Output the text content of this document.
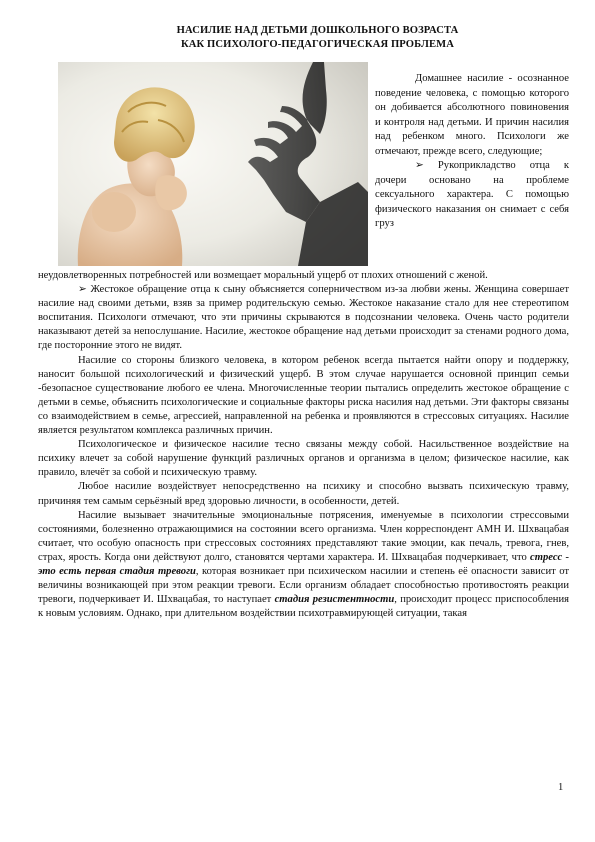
НАСИЛИЕ НАД ДЕТЬМИ ДОШКОЛЬНОГО ВОЗРАСТА
КАК ПСИХОЛОГО-ПЕДАГОГИЧЕСКАЯ ПРОБЛЕМА

Домашнее насилие - осознанное поведение человека, с помощью которого он добивается абсолютного повиновения и контроля над детьми. И причин насилия над ребенком много. Психологи же отмечают, прежде всего, следующие;

➢ Рукоприкладство отца к дочери основано на проблеме сексуального характера. С помощью физического наказания он снимает с себя груз

неудовлетворенных потребностей или возмещает моральный ущерб от плохих отношений с женой.

➢ Жестокое обращение отца к сыну объясняется соперничеством из-за любви жены. Женщина совершает насилие над своими детьми, взяв за пример родительскую семью. Жестокое наказание стало для нее стереотипом воспитания. Психологи отмечают, что эти причины скрываются в подсознании человека. Очень часто родители наказывают детей за непослушание. Насилие, жестокое обращение над детьми происходит за стенами родного дома, где посторонние этого не видят.

Насилие со стороны близкого человека, в котором ребенок всегда пытается найти опору и поддержку, наносит большой психологический и физический ущерб. В этом случае нарушается основной принцип семьи -безопасное существование любого ее члена. Многочисленные теории пытались определить жестокое обращение с детьми в семье, объяснить психологические и социальные факторы риска насилия над детьми. Эти факторы связаны со взаимодействием в семье, агрессией, направленной на ребенка и проявляются в стрессовых ситуациях. Насилие является результатом комплекса различных причин.

Психологическое и физическое насилие тесно связаны между собой. Насильственное воздействие на психику влечет за собой нарушение функций различных органов и организма в целом; физическое насилие, как правило, влечёт за собой и психическую травму.

Любое насилие воздействует непосредственно на психику и способно вызвать психическую травму, причиняя тем самым серьёзный вред здоровью личности, в особенности, детей.

Насилие вызывает значительные эмоциональные потрясения, именуемые в психологии стрессовыми состояниями, болезненно отражающимися на состоянии всего организма. Член корреспондент АМН И. Шхвацабая считает, что особую опасность при стрессовых состояниях представляют такие эмоции, как печаль, тревога, гнев, страх, ярость. Когда они действуют долго, становятся чертами характера. И. Шхвацабая подчеркивает, что стресс - это есть первая стадия тревоги, которая возникает при психическом насилии и степень её опасности зависит от величины возникающей при этом реакции тревоги. Если организм обладает способностью противостоять реакции тревоги, подчеркивает И. Шхвацабая, то наступает стадия резистентности, происходит процесс приспособления к новым условиям. Однако, при длительном воздействии психотравмирующей ситуации, такая

1
